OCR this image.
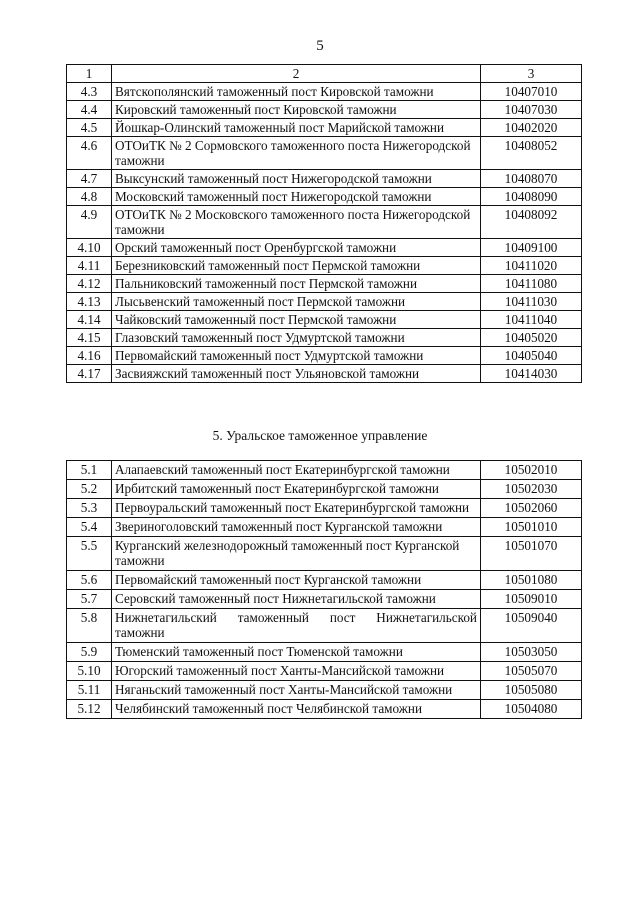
5
1	2	3
4.3	Вятскополянский таможенный пост Кировской таможни	10407010
4.4	Кировский таможенный пост Кировской таможни	10407030
4.5	Йошкар-Олинский таможенный пост Марийской таможни	10402020
4.6	ОТОиТК № 2 Сормовского таможенного поста Нижегородской таможни	10408052
4.7	Выксунский таможенный пост Нижегородской таможни	10408070
4.8	Московский таможенный пост Нижегородской таможни	10408090
4.9	ОТОиТК № 2 Московского таможенного поста Нижегородской таможни	10408092
4.10	Орский таможенный пост Оренбургской таможни	10409100
4.11	Березниковский таможенный пост Пермской таможни	10411020
4.12	Пальниковский таможенный пост Пермской таможни	10411080
4.13	Лысьвенский таможенный пост Пермской таможни	10411030
4.14	Чайковский таможенный пост Пермской таможни	10411040
4.15	Глазовский таможенный пост Удмуртской таможни	10405020
4.16	Первомайский таможенный пост Удмуртской таможни	10405040
4.17	Засвияжский таможенный пост Ульяновской таможни	10414030
5. Уральское таможенное управление
5.1	Алапаевский таможенный пост Екатеринбургской таможни	10502010
5.2	Ирбитский таможенный пост Екатеринбургской таможни	10502030
5.3	Первоуральский таможенный пост Екатеринбургской таможни	10502060
5.4	Звериноголовский таможенный пост Курганской таможни	10501010
5.5	Курганский железнодорожный таможенный пост Курганской таможни	10501070
5.6	Первомайский таможенный пост Курганской таможни	10501080
5.7	Серовский таможенный пост Нижнетагильской таможни	10509010
5.8	Нижнетагильский таможенный пост Нижнетагильской таможни	10509040
5.9	Тюменский таможенный пост Тюменской таможни	10503050
5.10	Югорский таможенный пост Ханты-Мансийской таможни	10505070
5.11	Няганьский таможенный пост Ханты-Мансийской таможни	10505080
5.12	Челябинский таможенный пост Челябинской таможни	10504080
